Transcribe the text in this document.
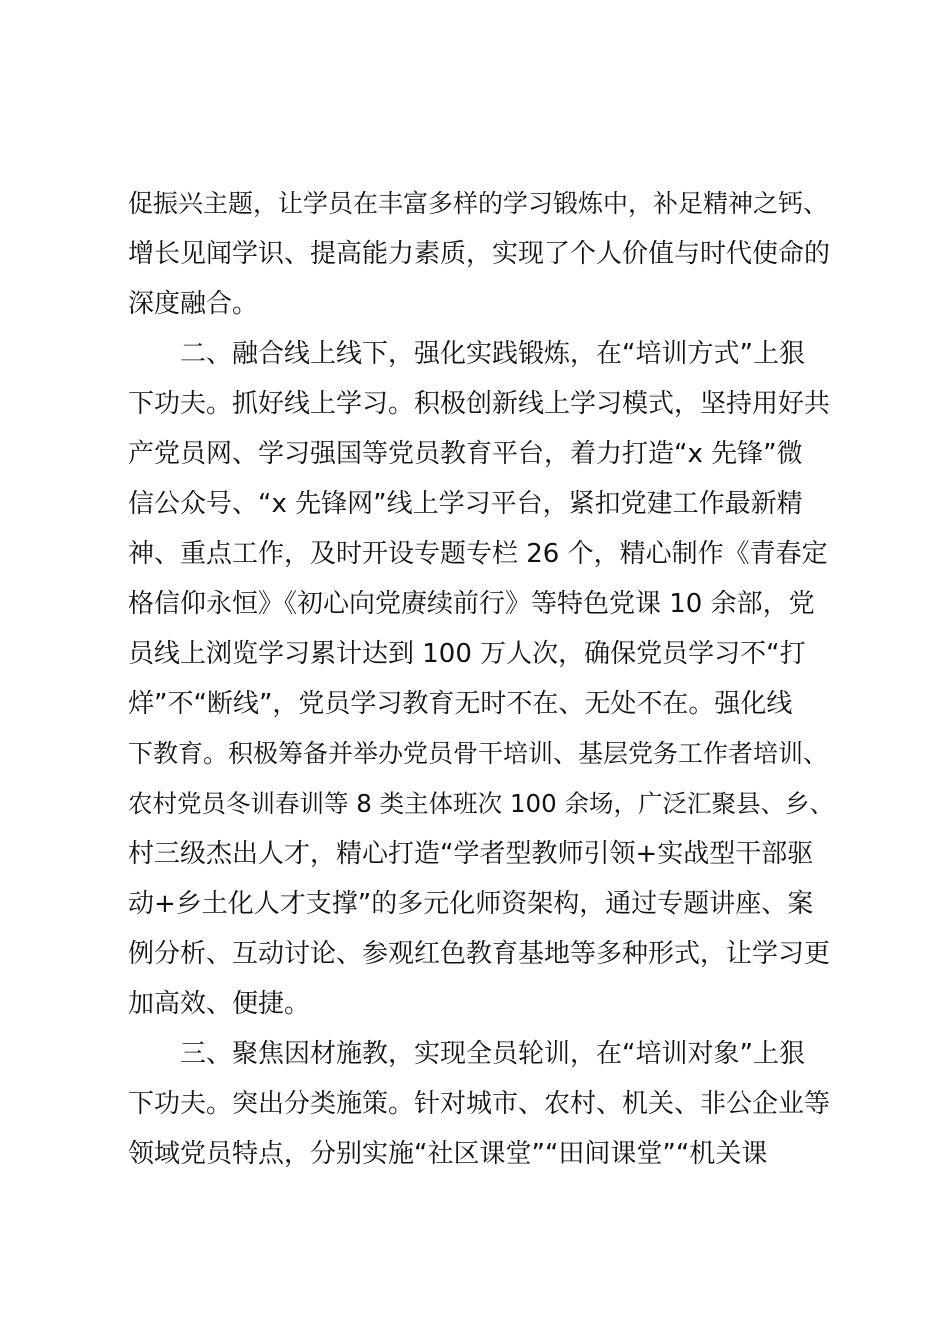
促振兴主题，让学员在丰富多样的学习锻炼中，补足精神之钙、
增长见闻学识、提高能力素质，实现了个人价值与时代使命的
深度融合。
二、融合线上线下，强化实践锻炼，在“培训方式”上狠
下功夫。抓好线上学习。积极创新线上学习模式，坚持用好共
产党员网、学习强国等党员教育平台，着力打造“x 先锋”微
信公众号、“x 先锋网”线上学习平台，紧扣党建工作最新精
神、重点工作，及时开设专题专栏 26 个，精心制作《青春定
格信仰永恒》《初心向党赓续前行》等特色党课 10 余部，党
员线上浏览学习累计达到 100 万人次，确保党员学习不“打
烊”不“断线”，党员学习教育无时不在、无处不在。强化线
下教育。积极筹备并举办党员骨干培训、基层党务工作者培训、
农村党员冬训春训等 8 类主体班次 100 余场，广泛汇聚县、乡、
村三级杰出人才，精心打造“学者型教师引领+实战型干部驱
动+乡土化人才支撑”的多元化师资架构，通过专题讲座、案
例分析、互动讨论、参观红色教育基地等多种形式，让学习更
加高效、便捷。
三、聚焦因材施教，实现全员轮训，在“培训对象”上狠
下功夫。突出分类施策。针对城市、农村、机关、非公企业等
领域党员特点，分别实施“社区课堂”“田间课堂”“机关课
